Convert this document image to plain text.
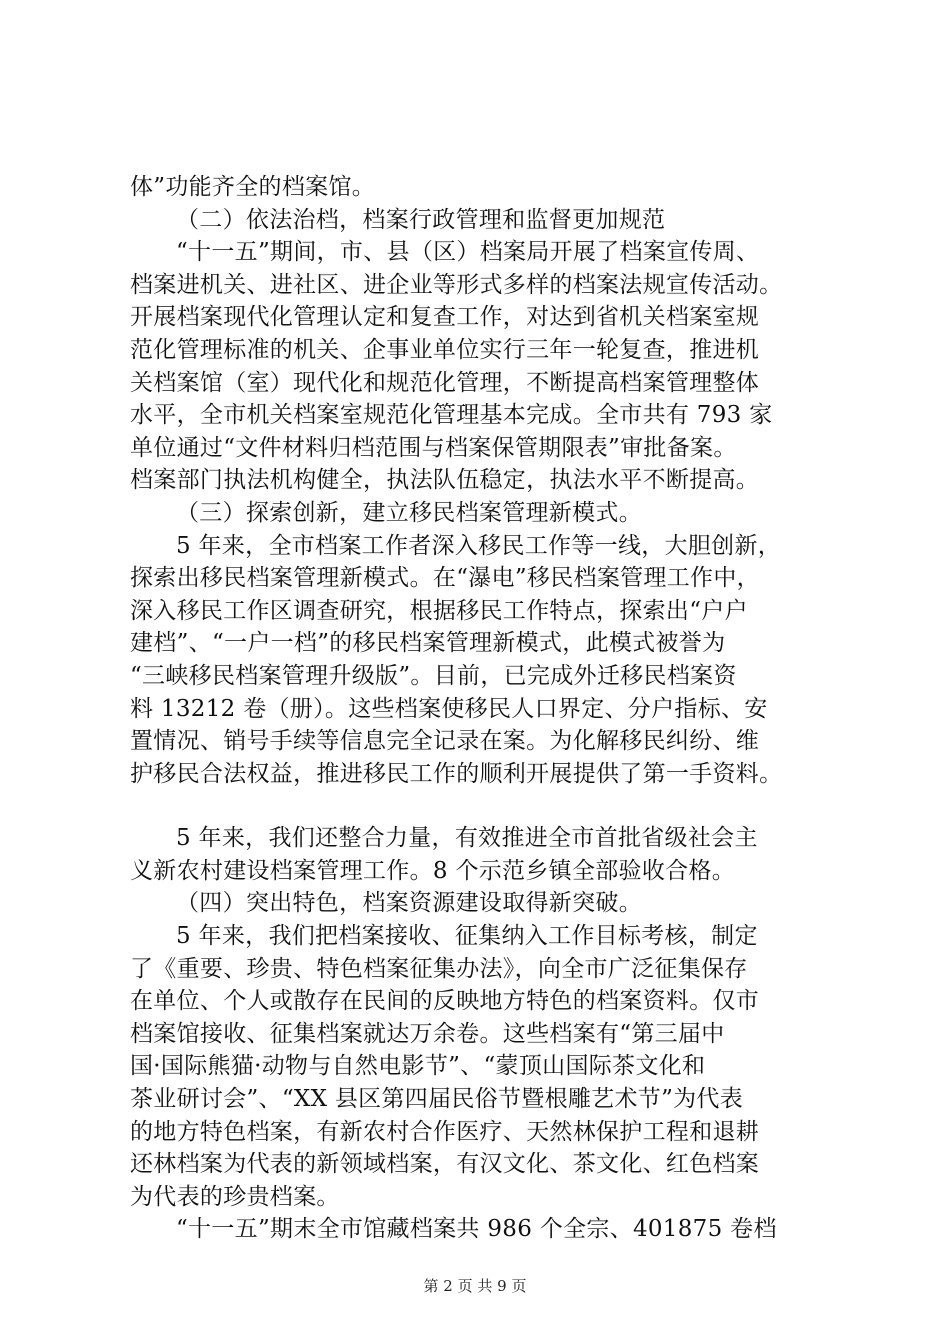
体”功能齐全的档案馆。
（二）依法治档，档案行政管理和监督更加规范
“十一五”期间，市、县（区）档案局开展了档案宣传周、
档案进机关、进社区、进企业等形式多样的档案法规宣传活动。
开展档案现代化管理认定和复查工作，对达到省机关档案室规
范化管理标准的机关、企事业单位实行三年一轮复查，推进机
关档案馆（室）现代化和规范化管理，不断提高档案管理整体
水平，全市机关档案室规范化管理基本完成。全市共有 793 家
单位通过“文件材料归档范围与档案保管期限表”审批备案。
档案部门执法机构健全，执法队伍稳定，执法水平不断提高。
（三）探索创新，建立移民档案管理新模式。
5 年来，全市档案工作者深入移民工作等一线，大胆创新，
探索出移民档案管理新模式。在“瀑电”移民档案管理工作中，
深入移民工作区调查研究，根据移民工作特点，探索出“户户
建档”、“一户一档”的移民档案管理新模式，此模式被誉为
“三峡移民档案管理升级版”。目前，已完成外迁移民档案资
料 13212 卷（册）。这些档案使移民人口界定、分户指标、安
置情况、销号手续等信息完全记录在案。为化解移民纠纷、维
护移民合法权益，推进移民工作的顺利开展提供了第一手资料。
5 年来，我们还整合力量，有效推进全市首批省级社会主
义新农村建设档案管理工作。8 个示范乡镇全部验收合格。
（四）突出特色，档案资源建设取得新突破。
5 年来，我们把档案接收、征集纳入工作目标考核，制定
了《重要、珍贵、特色档案征集办法》，向全市广泛征集保存
在单位、个人或散存在民间的反映地方特色的档案资料。仅市
档案馆接收、征集档案就达万余卷。这些档案有“第三届中
国·国际熊猫·动物与自然电影节”、“蒙顶山国际茶文化和
茶业研讨会”、“XX 县区第四届民俗节暨根雕艺术节”为代表
的地方特色档案，有新农村合作医疗、天然林保护工程和退耕
还林档案为代表的新领域档案，有汉文化、茶文化、红色档案
为代表的珍贵档案。
“十一五”期末全市馆藏档案共 986 个全宗、401875 卷档
第 2 页 共 9 页
